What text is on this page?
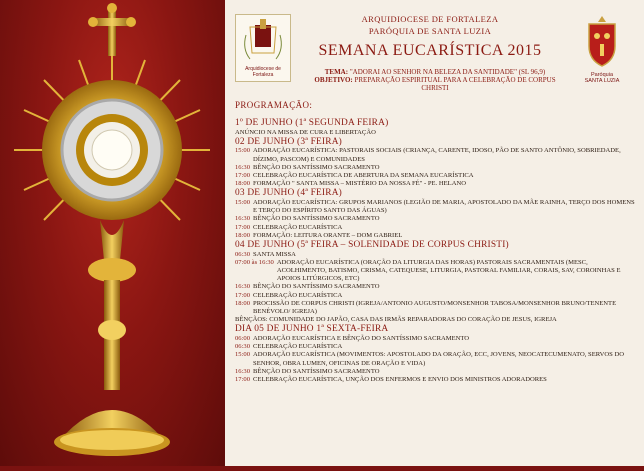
Arquidiocese de Fortaleza
ARQUIDIOCESE DE FORTALEZA
PARÓQUIA DE SANTA LUZIA
SEMANA EUCARÍSTICA 2015
TEMA: "ADORAI AO SENHOR NA BELEZA DA SANTIDADE" (SL 96,9)
OBJETIVO: PREPARAÇÃO ESPIRITUAL PARA A CELEBRAÇÃO DE CORPUS CHRISTI
Paróquia
SANTA LUZIA
PROGRAMAÇÃO:
1º DE JUNHO (1ª SEGUNDA FEIRA)
ANÚNCIO NA MISSA DE CURA E LIBERTAÇÃO
02 DE JUNHO (3ª FEIRA)
15:00 ADORAÇÃO EUCARÍSTICA: PASTORAIS SOCIAIS (CRIANÇA, CARENTE, IDOSO, PÃO DE SANTO ANTÔNIO, SOBRIEDADE, DÍZIMO, PASCOM) E COMUNIDADES
16:30 BÊNÇÃO DO SANTÍSSIMO SACRAMENTO
17:00 CELEBRAÇÃO EUCARÍSTICA DE ABERTURA DA SEMANA EUCARÍSTICA
18:00 FORMAÇÃO " SANTA MISSA – MISTÉRIO DA NOSSA FÉ" - PE. HELANO
03 DE JUNHO (4ª FEIRA)
15:00 ADORAÇÃO EUCARÍSTICA: GRUPOS MARIANOS (LEGIÃO DE MARIA, APOSTOLADO DA MÃE RAINHA, TERÇO DOS HOMENS E TERÇO DO ESPÍRITO SANTO DAS ÁGUAS)
16:30 BÊNÇÃO DO SANTÍSSIMO SACRAMENTO
17:00 CELEBRAÇÃO EUCARÍSTICA
18:00 FORMAÇÃO: LEITURA ORANTE – DOM GABRIEL
04 DE JUNHO (5ª FEIRA – SOLENIDADE DE CORPUS CHRISTI)
06:30 SANTA MISSA
07:00 às 16:30 ADORAÇÃO EUCARÍSTICA (ORAÇÃO DA LITURGIA DAS HORAS) PASTORAIS SACRAMENTAIS (MESC, ACOLHIMENTO, BATISMO, CRISMA, CATEQUESE, LITURGIA, PASTORAL FAMILIAR, CORAIS, SAV, COROINHAS E APOIOS LITÚRGICOS, ETC)
16:30 BÊNÇÃO DO SANTÍSSIMO SACRAMENTO
17:00 CELEBRAÇÃO EUCARÍSTICA
18:00 PROCISSÃO DE CORPUS CHRISTI (IGREJA/ANTONIO AUGUSTO/MONSENHOR TABOSA/MONSENHOR BRUNO/TENENTE BENÉVOLO/ IGREJA)
BÊNÇÃOS: COMUNIDADE DO JAPÃO, CASA DAS IRMÃS REPARADORAS DO CORAÇÃO DE JESUS, IGREJA
DIA 05 DE JUNHO 1ª SEXTA-FEIRA
06:00 ADORAÇÃO EUCARÍSTICA E BÊNÇÃO DO SANTÍSSIMO SACRAMENTO
06:30 CELEBRAÇÃO EUCARÍSTICA
15:00 ADORAÇÃO EUCARÍSTICA (MOVIMENTOS: APOSTOLADO DA ORAÇÃO, ECC, JOVENS, NEOCATECUMENATO, SERVOS DO SENHOR, OBRA LUMEN, OFICINAS DE ORAÇÃO E VIDA)
16:30 BÊNÇÃO DO SANTÍSSIMO SACRAMENTO
17:00 CELEBRAÇÃO EUCARÍSTICA, UNÇÃO DOS ENFERMOS E ENVIO DOS MINISTROS ADORADORES
